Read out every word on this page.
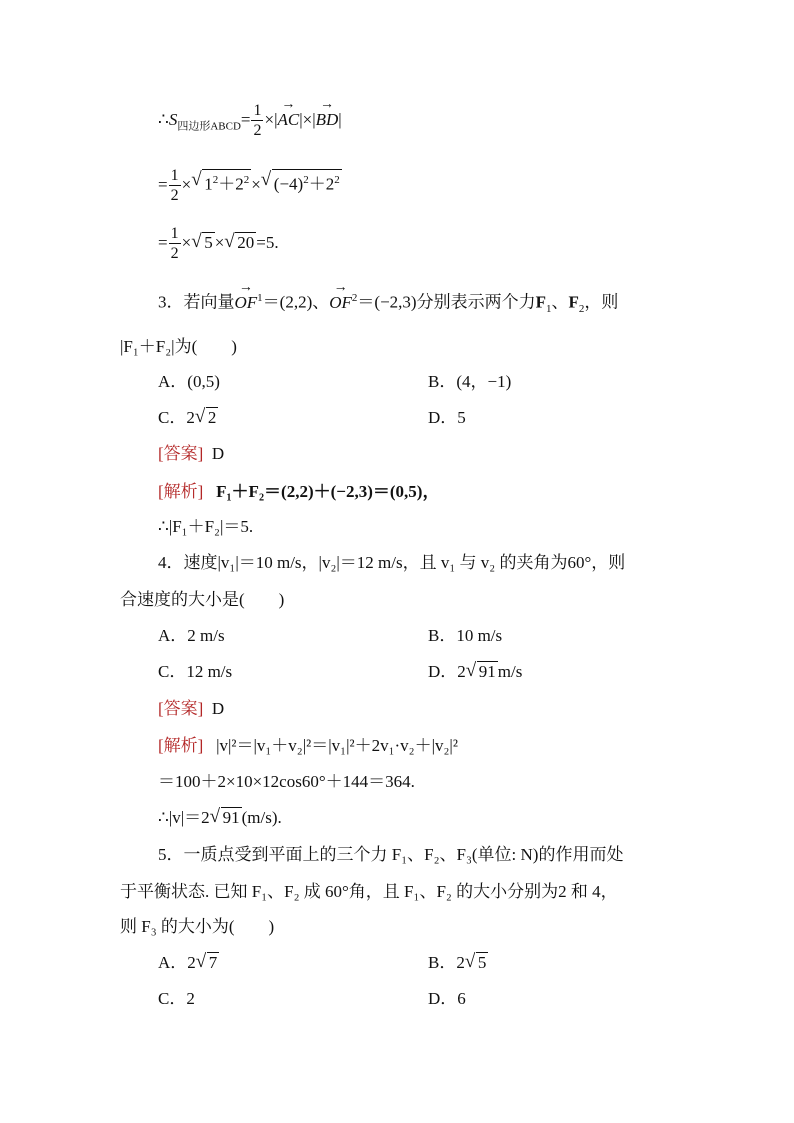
$\therefore S_{四边形ABCD}= \frac{1}{2}$ ×|→ AC|×|→ BD|
= $\frac{1}{2}$ × √ $1^2+2^2$ × √ $(-4)^2+2^2$
= $\frac{1}{2}$ × √ 5 × √ 20 =5.
3．若向量→ $OF^1=(2,2)$、→ $OF^2=(-2,3)$分别表示两个力$F_1$、$F_2$，则
|F₁＋F₂|为(　　)
A．(0,5)	B．(4，−1)
C．2 √ 2	D．5
[答案] D
[解析] F₁＋F₂＝(2,2)＋(−2,3)＝(0,5)，
∴|F₁＋F₂|＝5.
4．速度|v₁|＝10 m/s，|v₂|＝12 m/s，且 v₁ 与 v₂ 的夹角为60°，则
合速度的大小是(　　)
A．2 m/s	B．10 m/s
C．12 m/s	D．2 √ 91 m/s
[答案] D
[解析] |v|²＝|v₁＋v₂|²＝|v₁|²＋2v₁·v₂＋|v₂|²
＝100＋2×10×12cos60°＋144＝364.
∴|v|＝2 √ 91 (m/s).
5．一质点受到平面上的三个力 F₁、F₂、F₃(单位: N)的作用而处
于平衡状态. 已知 F₁、F₂ 成 60°角，且 F₁、F₂ 的大小分别为2 和 4，
则 F₃ 的大小为(　　)
A．2 √ 7	B．2 √ 5
C．2	D．6
